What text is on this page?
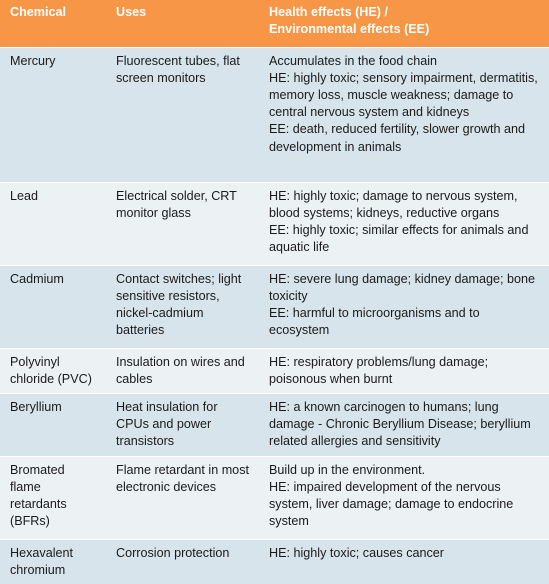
Chemical	Uses	Health effects (HE) /
Environmental effects (EE)
Mercury	Fluorescent tubes, flat screen monitors	Accumulates in the food chain
HE: highly toxic; sensory impairment, dermatitis, memory loss, muscle weakness; damage to central nervous system and kidneys
EE: death, reduced fertility, slower growth and development in animals
Lead	Electrical solder, CRT monitor glass	HE: highly toxic; damage to nervous system, blood systems; kidneys, reductive organs
EE: highly toxic; similar effects for animals and aquatic life
Cadmium	Contact switches; light sensitive resistors, nickel-cadmium batteries	HE: severe lung damage; kidney damage; bone toxicity
EE: harmful to microorganisms and to ecosystem
Polyvinyl chloride (PVC)	Insulation on wires and cables	HE: respiratory problems/lung damage; poisonous when burnt
Beryllium	Heat insulation for CPUs and power transistors	HE: a known carcinogen to humans; lung damage - Chronic Beryllium Disease; beryllium related allergies and sensitivity
Bromated flame retardants (BFRs)	Flame retardant in most electronic devices	Build up in the environment.
HE: impaired development of the nervous system, liver damage; damage to endocrine system
Hexavalent chromium	Corrosion protection	HE: highly toxic; causes cancer
